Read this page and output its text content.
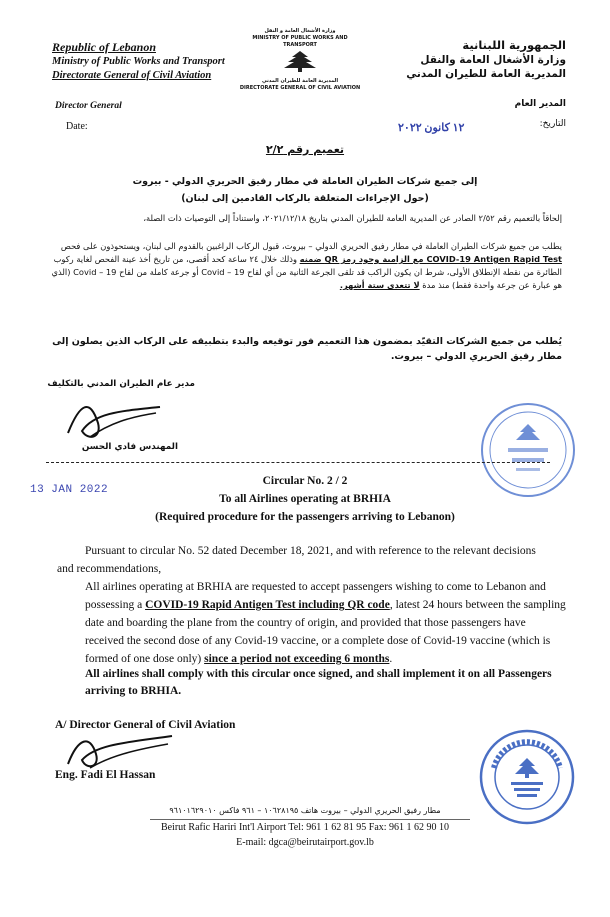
Republic of Lebanon
Ministry of Public Works and Transport
Directorate General of Civil Aviation
الجمهورية اللبنانية
وزارة الأشغال العامة والنقل
المديرية العامة للطيران المدني
وزارة الأشغال العامة و النقل
MINISTRY OF PUBLIC WORKS AND TRANSPORT
المديرية العامة للطيران المدني
DIRECTORATE GENERAL OF CIVIL AVIATION
Director General
Date:
المدير العام
التاريخ:
١٢ كانون ٢٠٢٢
تعميم رقم ٢/٢
إلى جميع شركات الطيران العاملة في مطار رفيق الحريري الدولي - بيروت
(حول الإجراءات المتعلقة بالركاب القادمين إلى لبنان)
إلحاقاً بالتعميم رقم ٢/٥٢ الصادر عن المديرية العامة للطيران المدني بتاريخ ٢٠٢١/١٢/١٨، واستناداً إلى التوصيات ذات الصلة،
يطلب من جميع شركات الطيران العاملة في مطار رفيق الحريري الدولي – بيروت، قبول الركاب الراغبين بالقدوم الى لبنان، ويستحوذون على فحص COVID-19 Antigen Rapid Test مع الزامية وجود رمز QR ضمنه وذلك خلال ٢٤ ساعة كحد أقصى، من تاريخ أخذ عينة الفحص لغاية ركوب الطائرة من نقطة الإنطلاق الأولى، شرط ان يكون الراكب قد تلقى الجرعة الثانية من أي لقاح Covid – 19 أو جرعة كاملة من لقاح Covid – 19 (الذي هو عبارة عن جرعة واحدة فقط) منذ مدة لا تتعدى ستة أشهر.
يُطلب من جميع الشركات التقيّد بمضمون هذا التعميم فور توقيعه والبدء بتطبيقه على الركاب الذين يصلون إلى مطار رفيق الحريري الدولي – بيروت.
مدير عام الطيران المدني بالتكليف
المهندس فادي الحسن
13 JAN 2022
Circular No. 2 / 2
To all Airlines operating at BRHIA
(Required procedure for the passengers arriving to Lebanon)
Pursuant to circular No. 52 dated December 18, 2021, and with reference to the relevant decisions
and recommendations,
All airlines operating at BRHIA are requested to accept passengers wishing to come to Lebanon and possessing a COVID-19 Rapid Antigen Test including QR code, latest 24 hours between the sampling date and boarding the plane from the country of origin, and provided that those passengers have received the second dose of any Covid-19 vaccine, or a complete dose of Covid-19 vaccine (which is formed of one dose only) since a period not exceeding 6 months.
All airlines shall comply with this circular once signed, and shall implement it on all Passengers arriving to BRHIA.
A/ Director General of Civil Aviation
Eng. Fadi El Hassan
مطار رفيق الحريري الدولي – بيروت هاتف ١٠٦٢٨١٩٥ – ٩٦١ فاكس ٩٦١٠١٦٢٩٠١٠
Beirut Rafic Hariri Int'l Airport Tel: 961 1 62 81 95 Fax: 961 1 62 90 10
E-mail: dgca@beirutairport.gov.lb
